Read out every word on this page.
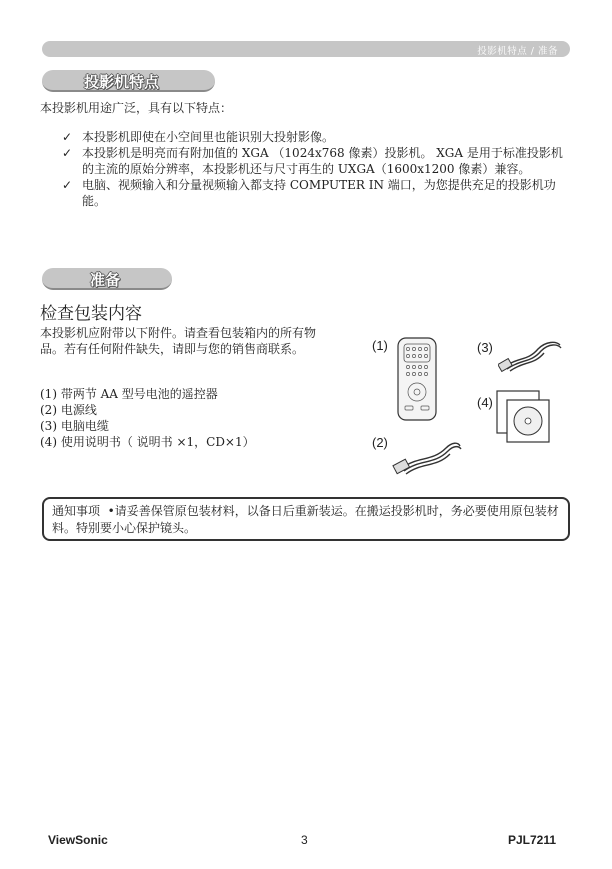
投影机特点 / 准备
投影机特点
本投影机用途广泛，具有以下特点：
✓ 本投影机即使在小空间里也能识别大投射影像。
✓ 本投影机是明亮而有附加值的 XGA （1024x768 像素）投影机。 XGA 是用于标准投影机的主流的原始分辨率，本投影机还与尺寸再生的 UXGA（1600x1200 像素）兼容。
✓ 电脑、视频输入和分量视频输入都支持 COMPUTER IN 端口，为您提供充足的投影机功能。
准备
检查包装内容
本投影机应附带以下附件。请查看包装箱内的所有物品。若有任何附件缺失，请即与您的销售商联系。
(1) 带两节 AA 型号电池的遥控器
(2) 电源线
(3) 电脑电缆
(4) 使用说明书（ 说明书 ×1，CD×1）
(1)
(2)
(3)
(4)
通知事项 •请妥善保管原包装材料，以备日后重新装运。在搬运投影机时，务必要使用原包装材料。特别要小心保护镜头。
ViewSonic	3	PJL7211
